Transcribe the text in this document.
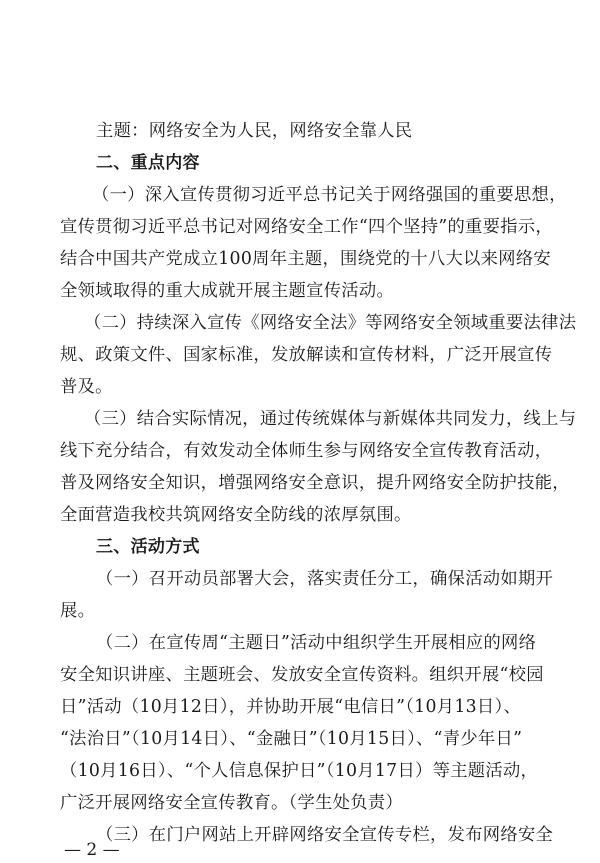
主题：网络安全为人民，网络安全靠人民
二、重点内容
（一）深入宣传贯彻习近平总书记关于网络强国的重要思想，
宣传贯彻习近平总书记对网络安全工作“四个坚持”的重要指示，
结合中国共产党成立100周年主题，围绕党的十八大以来网络安
全领域取得的重大成就开展主题宣传活动。
（二）持续深入宣传《网络安全法》等网络安全领域重要法律法
规、政策文件、国家标准，发放解读和宣传材料，广泛开展宣传
普及。
（三）结合实际情况，通过传统媒体与新媒体共同发力，线上与
线下充分结合，有效发动全体师生参与网络安全宣传教育活动，
普及网络安全知识，增强网络安全意识，提升网络安全防护技能，
全面营造我校共筑网络安全防线的浓厚氛围。
三、活动方式
（一）召开动员部署大会，落实责任分工，确保活动如期开
展。
（二）在宣传周“主题日”活动中组织学生开展相应的网络
安全知识讲座、主题班会、发放安全宣传资料。组织开展“校园
日”活动（10月12日），并协助开展“电信日”（10月13日）、
“法治日”（10月14日）、“金融日”（10月15日）、“青少年日”
（10月16日）、“个人信息保护日”（10月17日）等主题活动，
广泛开展网络安全宣传教育。（学生处负责）
（三）在门户网站上开辟网络安全宣传专栏，发布网络安全
— 2 —
